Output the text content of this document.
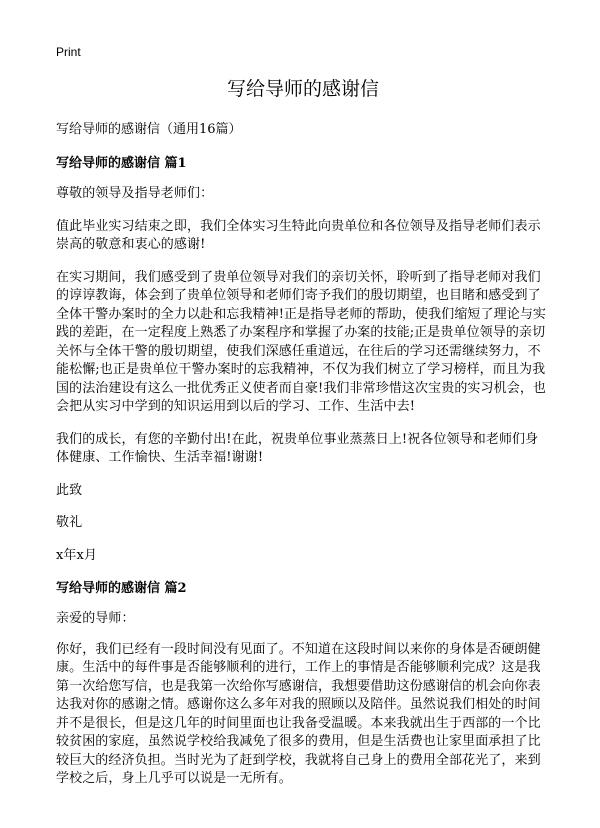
Print
写给导师的感谢信
写给导师的感谢信（通用16篇）
写给导师的感谢信 篇1

尊敬的领导及指导老师们：

值此毕业实习结束之即，我们全体实习生特此向贵单位和各位领导及指导老师们表示崇高的敬意和衷心的感谢!

在实习期间，我们感受到了贵单位领导对我们的亲切关怀，聆听到了指导老师对我们的谆谆教诲，体会到了贵单位领导和老师们寄予我们的殷切期望，也目睹和感受到了全体干警办案时的全力以赴和忘我精神!正是指导老师的帮助，使我们缩短了理论与实践的差距，在一定程度上熟悉了办案程序和掌握了办案的技能;正是贵单位领导的亲切关怀与全体干警的殷切期望，使我们深感任重道远，在往后的学习还需继续努力，不能松懈;也正是贵单位干警办案时的忘我精神，不仅为我们树立了学习榜样，而且为我国的法治建设有这么一批优秀正义使者而自豪!我们非常珍惜这次宝贵的实习机会，也会把从实习中学到的知识运用到以后的学习、工作、生活中去!

我们的成长，有您的辛勤付出!在此，祝贵单位事业蒸蒸日上!祝各位领导和老师们身体健康、工作愉快、生活幸福!谢谢!

此致

敬礼

x年x月

写给导师的感谢信 篇2

亲爱的导师：

你好，我们已经有一段时间没有见面了。不知道在这段时间以来你的身体是否硬朗健康。生活中的每件事是否能够顺利的进行，工作上的事情是否能够顺利完成？这是我第一次给您写信，也是我第一次给你写感谢信，我想要借助这份感谢信的机会向你表达我对你的感谢之情。感谢你这么多年对我的照顾以及陪伴。虽然说我们相处的时间并不是很长，但是这几年的时间里面也让我备受温暖。本来我就出生于西部的一个比较贫困的家庭，虽然说学校给我减免了很多的费用，但是生活费也让家里面承担了比较巨大的经济负担。当时光为了赶到学校，我就将自己身上的费用全部花光了，来到学校之后，身上几乎可以说是一无所有。
